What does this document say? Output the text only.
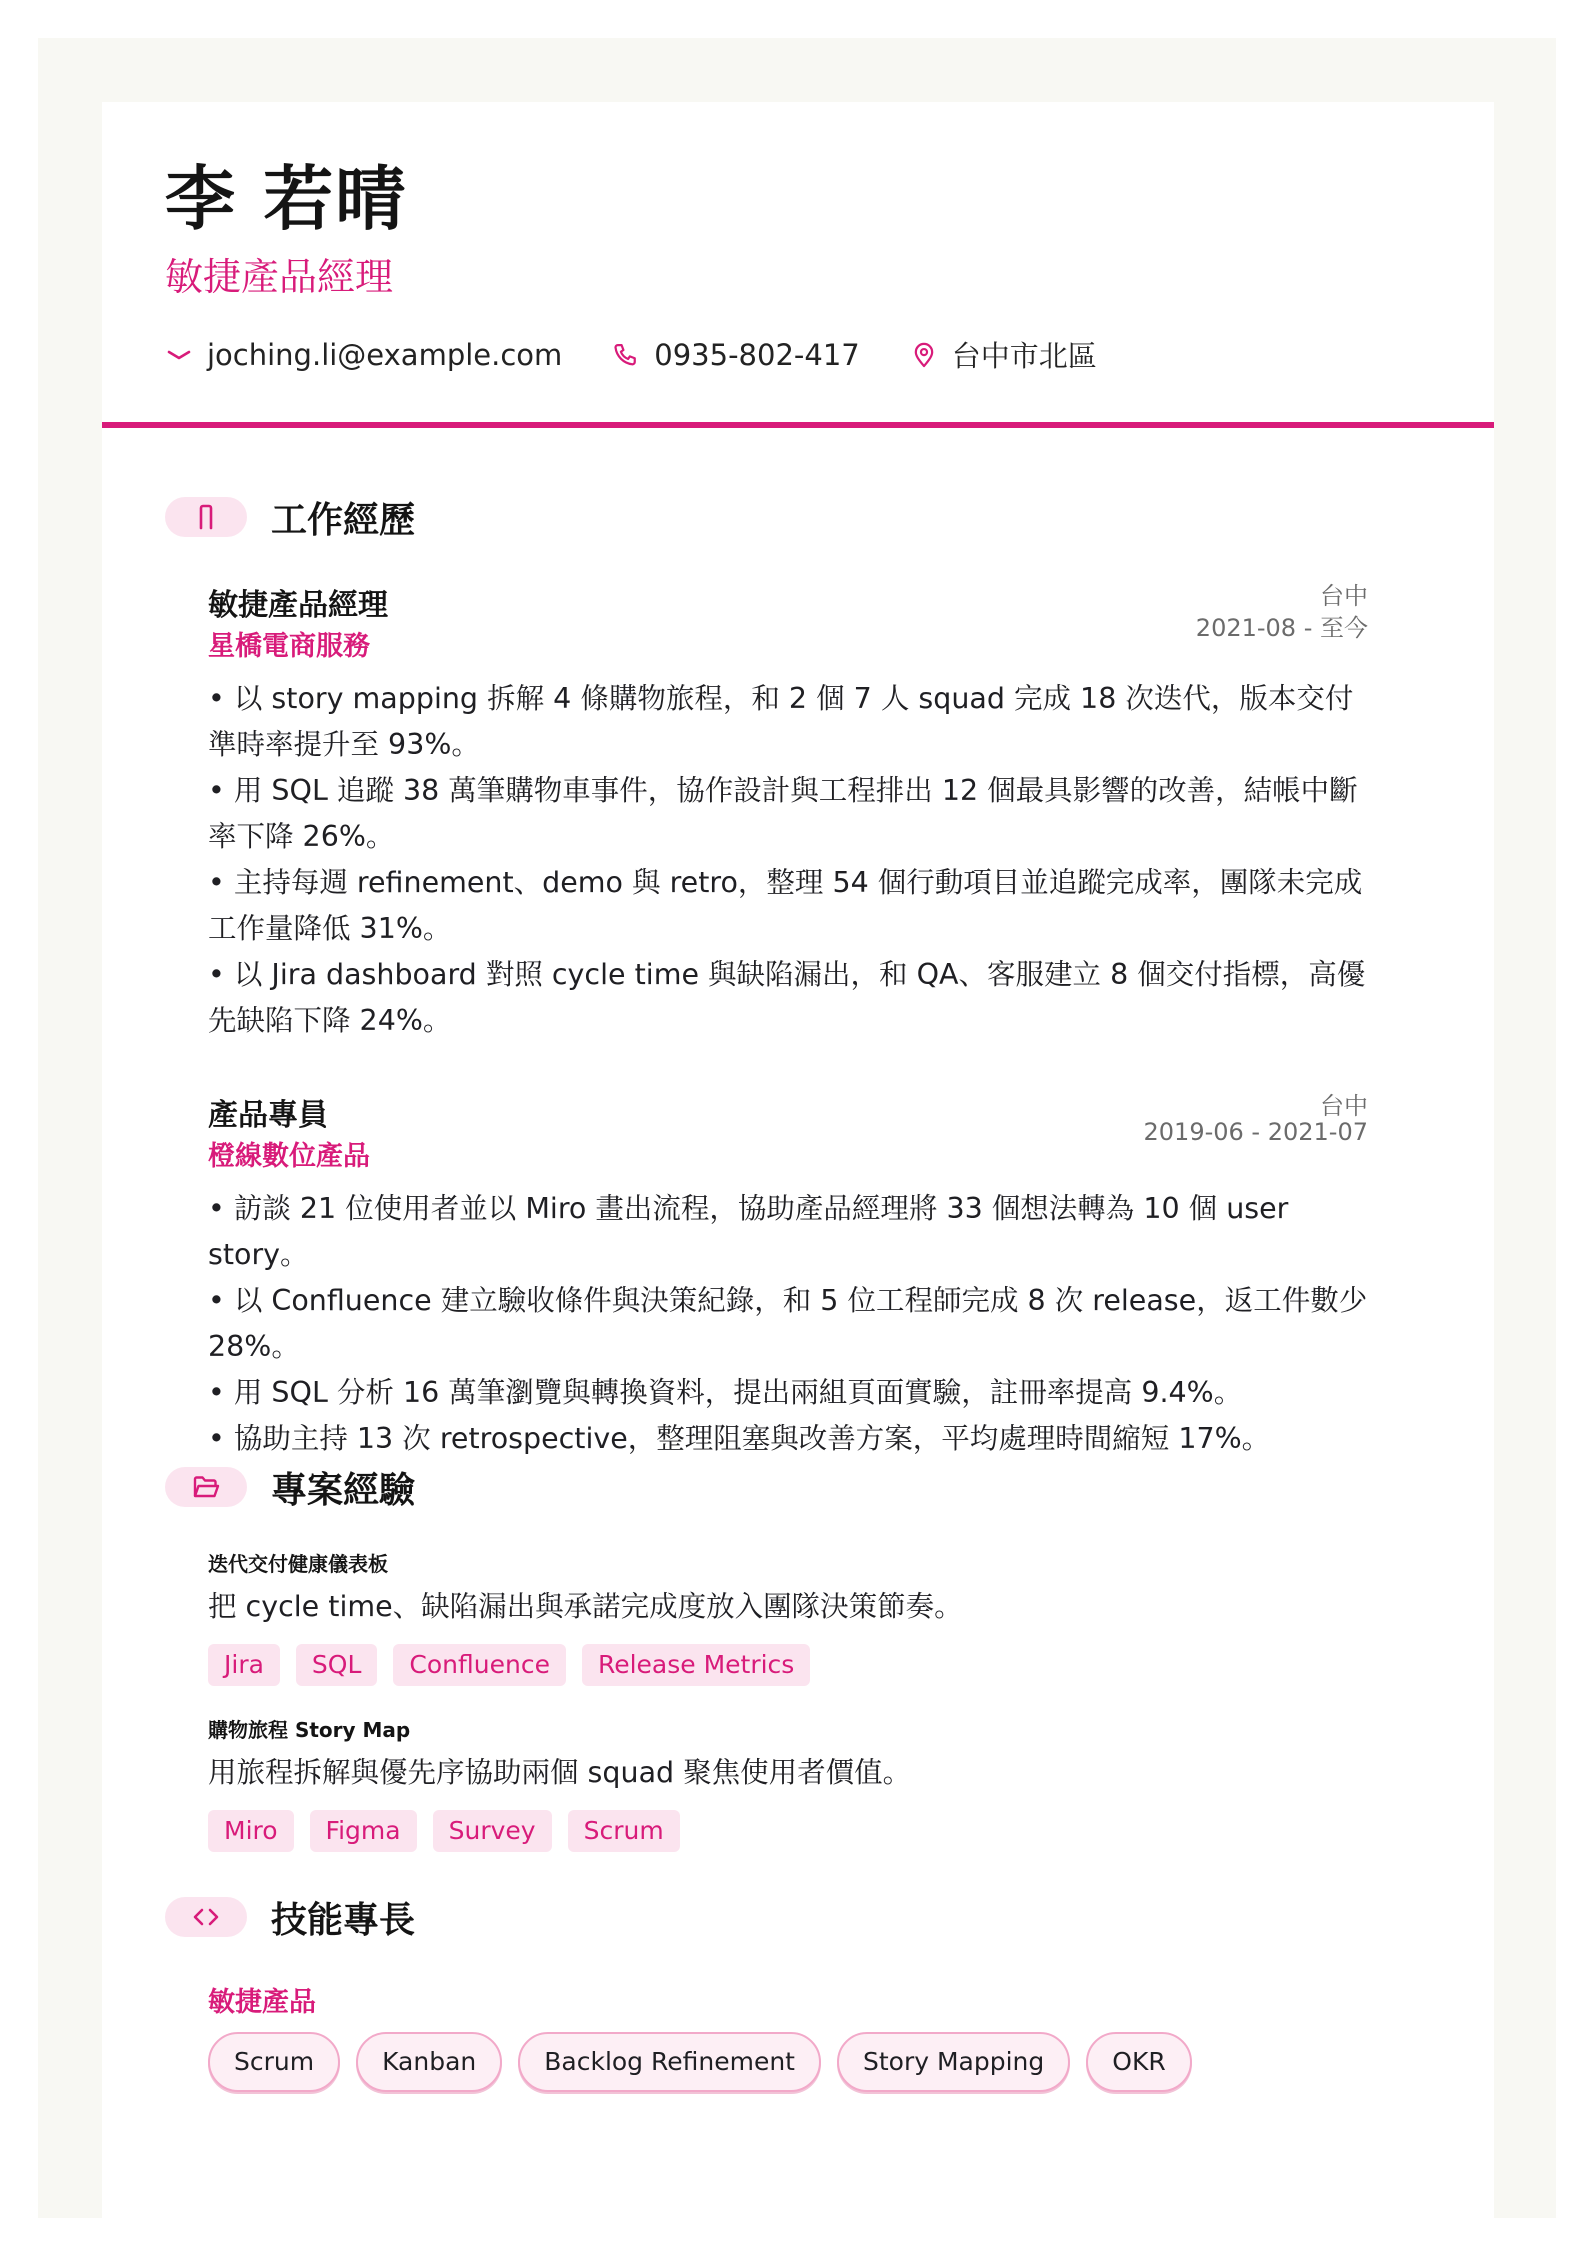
李 若晴
敏捷產品經理
joching.li@example.com	0935-802-417	台中市北區
工作經歷
敏捷產品經理
星橋電商服務
台中
2021-08 - 至今
• 以 story mapping 拆解 4 條購物旅程，和 2 個 7 人 squad 完成 18 次迭代，版本交付準時率提升至 93%。
• 用 SQL 追蹤 38 萬筆購物車事件，協作設計與工程排出 12 個最具影響的改善，結帳中斷率下降 26%。
• 主持每週 refinement、demo 與 retro，整理 54 個行動項目並追蹤完成率，團隊未完成工作量降低 31%。
• 以 Jira dashboard 對照 cycle time 與缺陷漏出，和 QA、客服建立 8 個交付指標，高優先缺陷下降 24%。
產品專員
橙線數位產品
台中
2019-06 - 2021-07
• 訪談 21 位使用者並以 Miro 畫出流程，協助產品經理將 33 個想法轉為 10 個 user story。
• 以 Confluence 建立驗收條件與決策紀錄，和 5 位工程師完成 8 次 release，返工件數少 28%。
• 用 SQL 分析 16 萬筆瀏覽與轉換資料，提出兩組頁面實驗，註冊率提高 9.4%。
• 協助主持 13 次 retrospective，整理阻塞與改善方案，平均處理時間縮短 17%。
專案經驗
迭代交付健康儀表板
把 cycle time、缺陷漏出與承諾完成度放入團隊決策節奏。
Jira	SQL	Confluence	Release Metrics
購物旅程 Story Map
用旅程拆解與優先序協助兩個 squad 聚焦使用者價值。
Miro	Figma	Survey	Scrum
技能專長
敏捷產品
Scrum	Kanban	Backlog Refinement	Story Mapping	OKR
